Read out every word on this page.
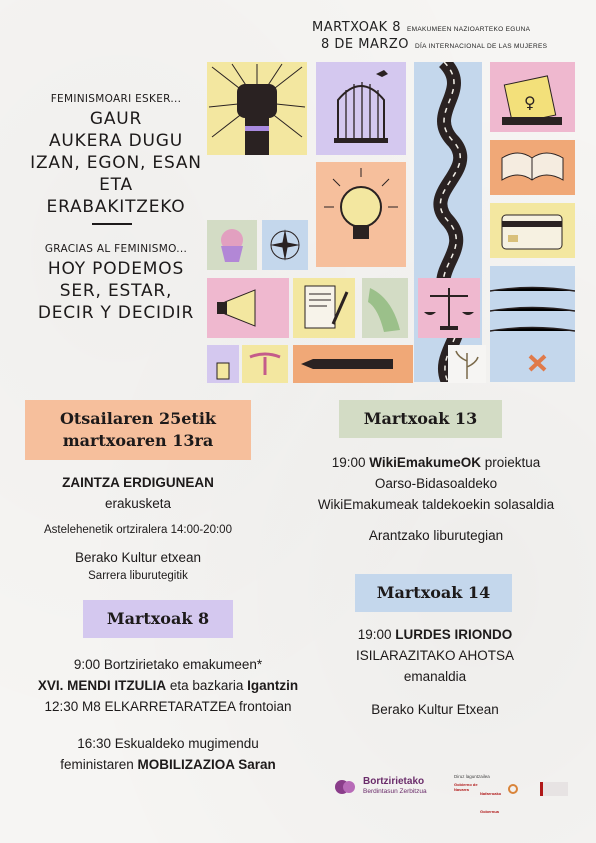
MARTXOAK 8 EMAKUMEEN NAZIOARTEKO EGUNA
8 DE MARZO DÍA INTERNACIONAL DE LAS MUJERES
FEMINISMOARI ESKER...
GAUR
AUKERA DUGU
IZAN, EGON, ESAN
ETA ERABAKITZEKO
GRACIAS AL FEMINISMO...
HOY PODEMOS
SER, ESTAR,
DECIR Y DECIDIR
♀
Otsailaren 25etik
martxoaren 13ra
ZAINTZA ERDIGUNEAN
erakusketa
Astelehenetik ortziralera 14:00-20:00
Berako Kultur etxean
Sarrera liburutegitik
Martxoak 8
9:00 Bortzirietako emakumeen*
XVI. MENDI ITZULIA eta bazkaria Igantzin
12:30 M8 ELKARRETARATZEA frontoian
16:30 Eskualdeko mugimendu
feministaren MOBILIZAZIOA Saran
Martxoak 13
19:00 WikiEmakumeOK proiektua
Oarso-Bidasoaldeko
WikiEmakumeak taldekoekin solasaldia
Arantzako liburutegian
Martxoak 14
19:00 LURDES IRIONDO
ISILARAZITAKO AHOTSA
emanaldia
Berako Kultur Etxean
Bortzirietako
Berdintasun Zerbitzua
Diruz laguntzailea
Gobierno de Navarra
Nafarroako Gobernua
